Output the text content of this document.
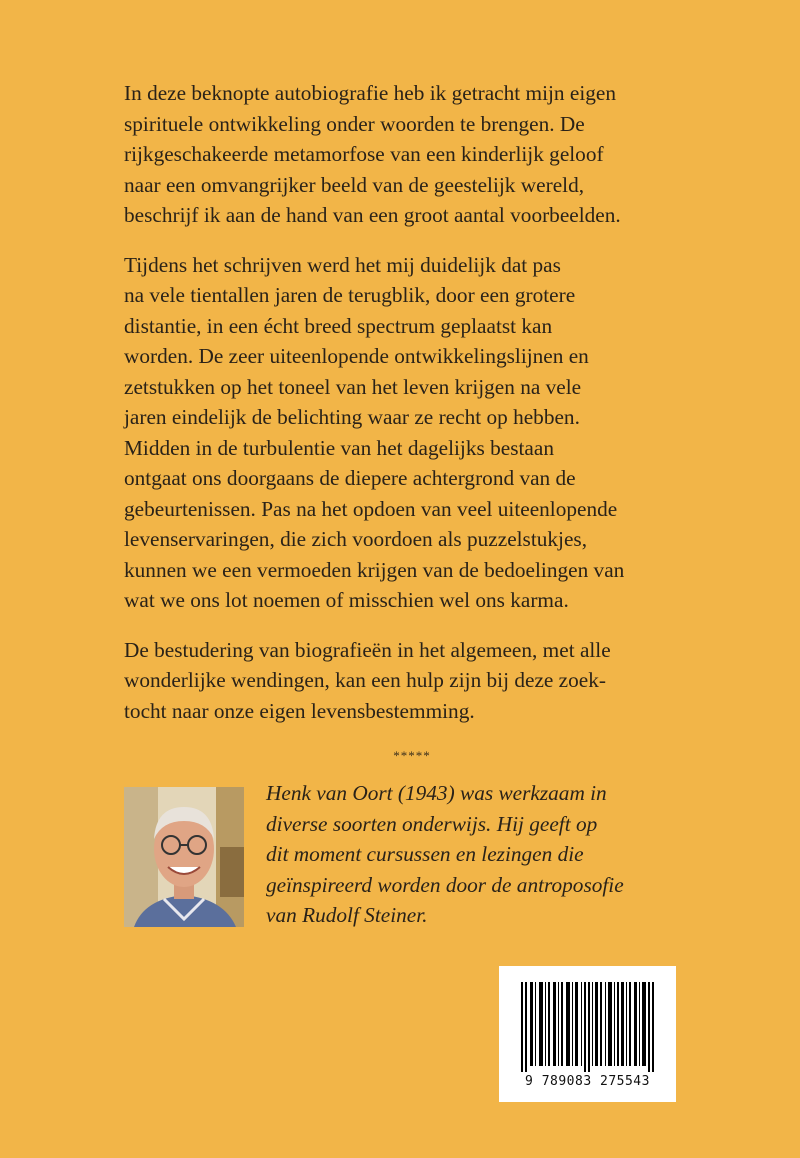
In deze beknopte autobiografie heb ik getracht mijn eigen
spirituele ontwikkeling onder woorden te brengen. De
rijkgeschakeerde metamorfose van een kinderlijk geloof
naar een omvangrijker beeld van de geestelijk wereld,
beschrijf ik aan de hand van een groot aantal voorbeelden.

Tijdens het schrijven werd het mij duidelijk dat pas
na vele tientallen jaren de terugblik, door een grotere
distantie, in een écht breed spectrum geplaatst kan
worden. De zeer uiteenlopende ontwikkelingslijnen en
zetstukken op het toneel van het leven krijgen na vele
jaren eindelijk de belichting waar ze recht op hebben.
Midden in de turbulentie van het dagelijks bestaan
ontgaat ons doorgaans de diepere achtergrond van de
gebeurtenissen. Pas na het opdoen van veel uiteenlopende
levenservaringen, die zich voordoen als puzzelstukjes,
kunnen we een vermoeden krijgen van de bedoelingen van
wat we ons lot noemen of misschien wel ons karma.

De bestudering van biografieën in het algemeen, met alle
wonderlijke wendingen, kan een hulp zijn bij deze zoek-
tocht naar onze eigen levensbestemming.

*****
Henk van Oort (1943) was werkzaam in
diverse soorten onderwijs. Hij geeft op
dit moment cursussen en lezingen die
geïnspireerd worden door de antroposofie
van Rudolf Steiner.
9 789083 275543
